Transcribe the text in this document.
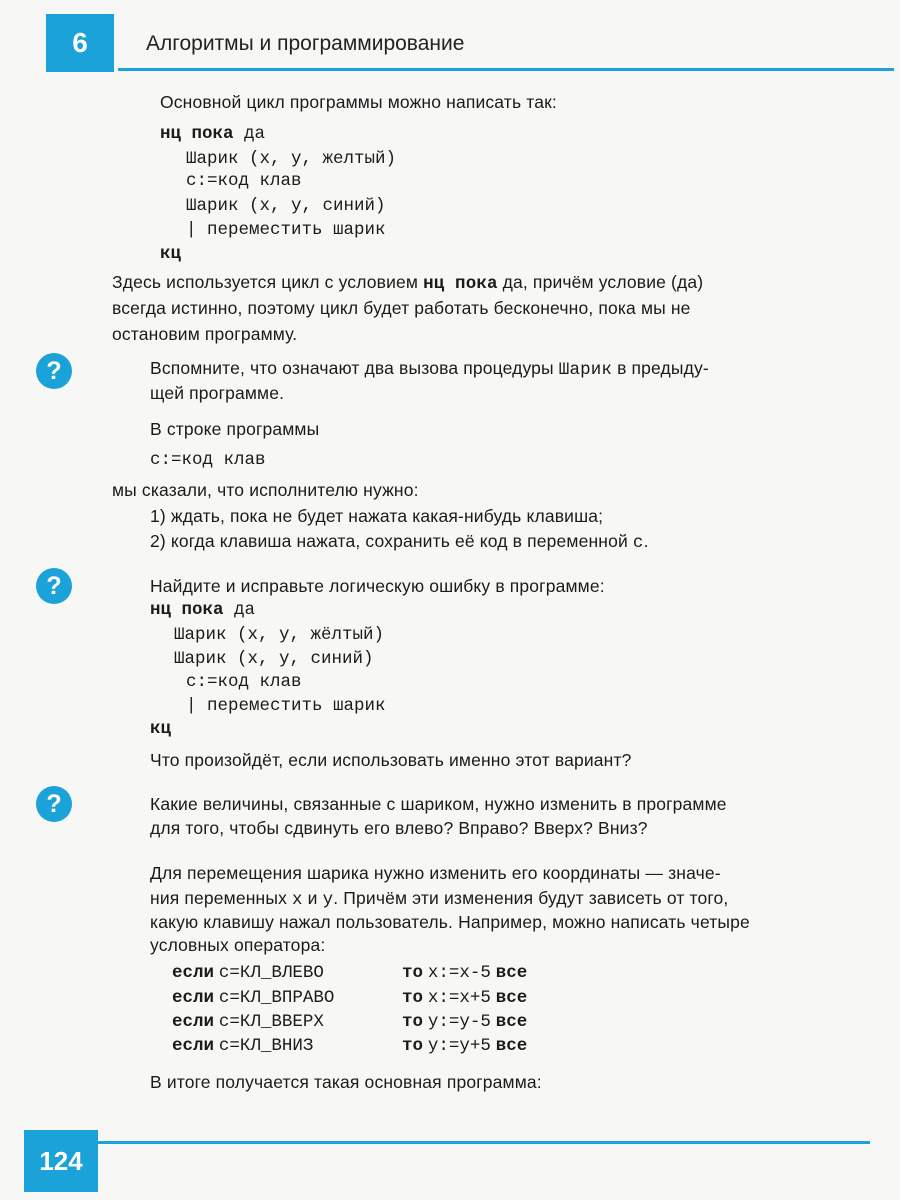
6	Алгоритмы и программирование
Основной цикл программы можно написать так:
нц пока да
Шарик (x, y, желтый)
c:=код клав
Шарик (x, y, синий)
| переместить шарик
кц
Здесь используется цикл с условием нц пока да, причём условие (да)
всегда истинно, поэтому цикл будет работать бесконечно, пока мы не
остановим программу.
?	Вспомните, что означают два вызова процедуры Шарик в предыду-
щей программе.
В строке программы
c:=код клав
мы сказали, что исполнителю нужно:
1) ждать, пока не будет нажата какая-нибудь клавиша;
2) когда клавиша нажата, сохранить её код в переменной c.
?	Найдите и исправьте логическую ошибку в программе:
нц пока да
Шарик (x, y, жёлтый)
Шарик (x, y, синий)
c:=код клав
| переместить шарик
кц
Что произойдёт, если использовать именно этот вариант?
?	Какие величины, связанные с шариком, нужно изменить в программе
для того, чтобы сдвинуть его влево? Вправо? Вверх? Вниз?
Для перемещения шарика нужно изменить его координаты — значе-
ния переменных x и y. Причём эти изменения будут зависеть от того,
какую клавишу нажал пользователь. Например, можно написать четыре
условных оператора:
если c=КЛ_ВЛЕВО	то x:=x-5 все
если c=КЛ_ВПРАВО	то x:=x+5 все
если c=КЛ_ВВЕРХ	то y:=y-5 все
если c=КЛ_ВНИЗ	то y:=y+5 все
В итоге получается такая основная программа:
124
